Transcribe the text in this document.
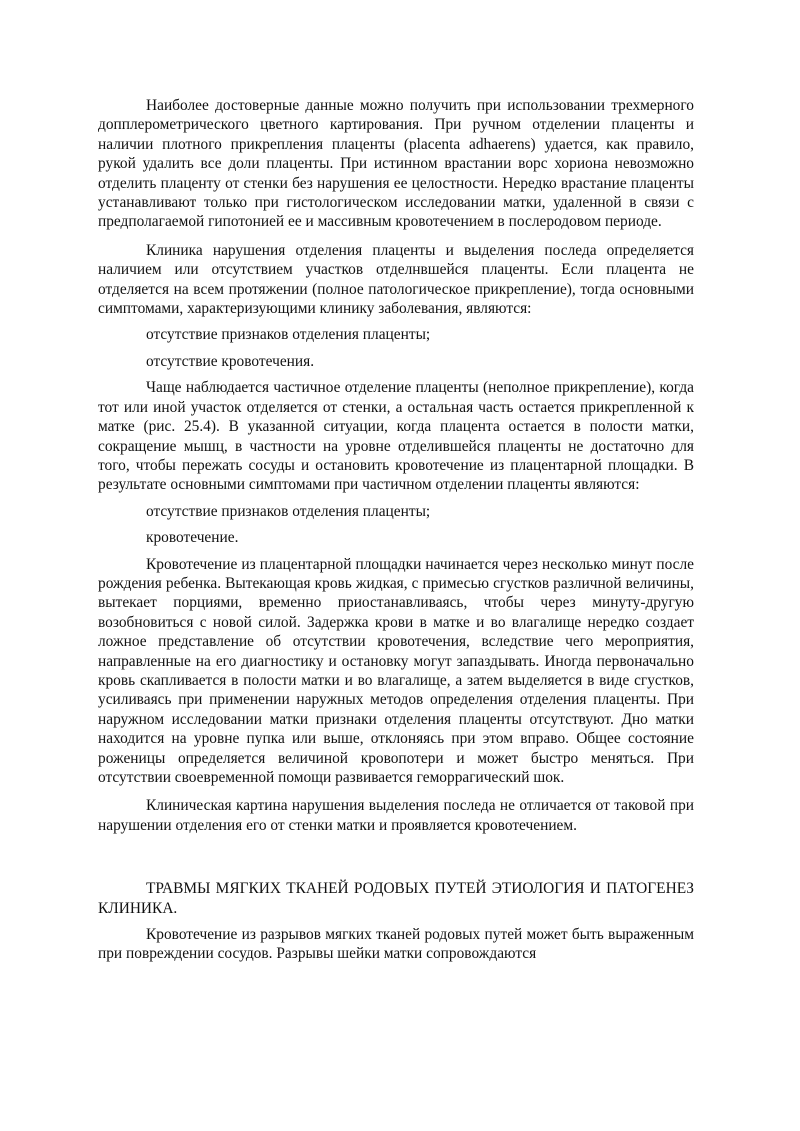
Наиболее достоверные данные можно получить при использовании трехмерного допплерометрического цветного картирования. При ручном отделении плаценты и наличии плотного прикрепления плаценты (placenta adhaerens) удается, как правило, рукой удалить все доли плаценты. При истинном врастании ворс хориона невозможно отделить плаценту от стенки без нарушения ее целостности. Нередко врастание плаценты устанавливают только при гистологическом исследовании матки, удаленной в связи с предполагаемой гипотонией ее и массивным кровотечением в послеродовом периоде.

Клиника нарушения отделения плаценты и выделения последа определяется наличием или отсутствием участков отделнвшейся плаценты. Если плацента не отделяется на всем протяжении (полное патологическое прикрепление), тогда основными симптомами, характеризующими клинику заболевания, являются:

отсутствие признаков отделения плаценты;

отсутствие кровотечения.

Чаще наблюдается частичное отделение плаценты (неполное прикрепление), когда тот или иной участок отделяется от стенки, а остальная часть остается прикрепленной к матке (рис. 25.4). В указанной ситуации, когда плацента остается в полости матки, сокращение мышц, в частности на уровне отделившейся плаценты не достаточно для того, чтобы пережать сосуды и остановить кровотечение из плацентарной площадки. В результате основными симптомами при частичном отделении плаценты являются:

отсутствие признаков отделения плаценты;

кровотечение.

Кровотечение из плацентарной площадки начинается через несколько минут после рождения ребенка. Вытекающая кровь жидкая, с примесью сгустков различной величины, вытекает порциями, временно приостанавливаясь, чтобы через минуту-другую возобновиться с новой силой. Задержка крови в матке и во влагалище нередко создает ложное представление об отсутствии кровотечения, вследствие чего мероприятия, направленные на его диагностику и остановку могут запаздывать. Иногда первоначально кровь скапливается в полости матки и во влагалище, а затем выделяется в виде сгустков, усиливаясь при применении наружных методов определения отделения плаценты. При наружном исследовании матки признаки отделения плаценты отсутствуют. Дно матки находится на уровне пупка или выше, отклоняясь при этом вправо. Общее состояние роженицы определяется величиной кровопотери и может быстро меняться. При отсутствии своевременной помощи развивается геморрагический шок.

Клиническая картина нарушения выделения последа не отличается от таковой при нарушении отделения его от стенки матки и проявляется кровотечением.

ТРАВМЫ МЯГКИХ ТКАНЕЙ РОДОВЫХ ПУТЕЙ ЭТИОЛОГИЯ И ПАТОГЕНЕЗ КЛИНИКА.

Кровотечение из разрывов мягких тканей родовых путей может быть выраженным при повреждении сосудов. Разрывы шейки матки сопровождаются
